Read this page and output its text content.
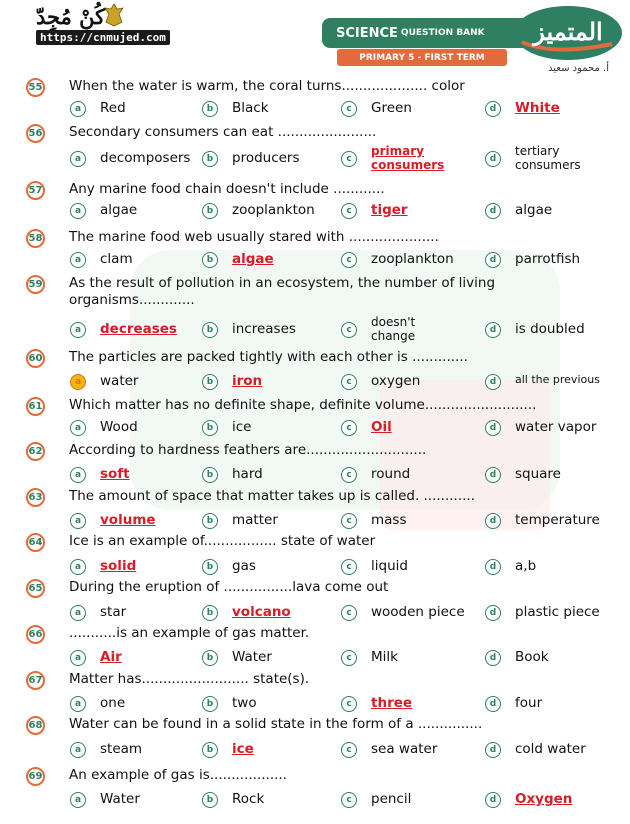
كُنْ مُجِدّ
https://cnmujed.com	SCIENCE QUESTION BANK
PRIMARY 5 - FIRST TERM
المتميز
أ. محمود سعيد
55 When the water is warm, the coral turns.................... color
a	Red	b	Black	c	Green	d	White
56 Secondary consumers can eat .......................
a	decomposers	b	producers	c
primary consumers	d
tertiary consumers
57 Any marine food chain doesn't include ............
a	algae	b	zooplankton	c	tiger	d	algae
58 The marine food web usually stared with .....................
a	clam	b	algae	c	zooplankton	d	parrotfish
59 As the result of pollution in an ecosystem, the number of living
organisms.............
a	decreases	b	increases	c
doesn't change	d	is doubled
60 The particles are packed tightly with each other is .............
a	water	b	iron	c	oxygen	d	all the previous
61 Which matter has no definite shape, definite volume..........................
a	Wood	b	ice	c	Oil	d	water vapor
62 According to hardness feathers are............................
a	soft	b	hard	c	round	d	square
63 The amount of space that matter takes up is called. ............
a	volume	b	matter	c	mass	d	temperature
64 Ice is an example of................. state of water
a	solid	b	gas	c	liquid	d	a,b
65 During the eruption of ................lava come out
a	star	b	volcano	c	wooden piece	d	plastic piece
66 ...........is an example of gas matter.
a	Air	b	Water	c	Milk	d	Book
67 Matter has......................... state(s).
a	one	b	two	c	three	d	four
68 Water can be found in a solid state in the form of a ...............
a	steam	b	ice	c	sea water	d	cold water
69 An example of gas is..................
a	Water	b	Rock	c	pencil	d	Oxygen
